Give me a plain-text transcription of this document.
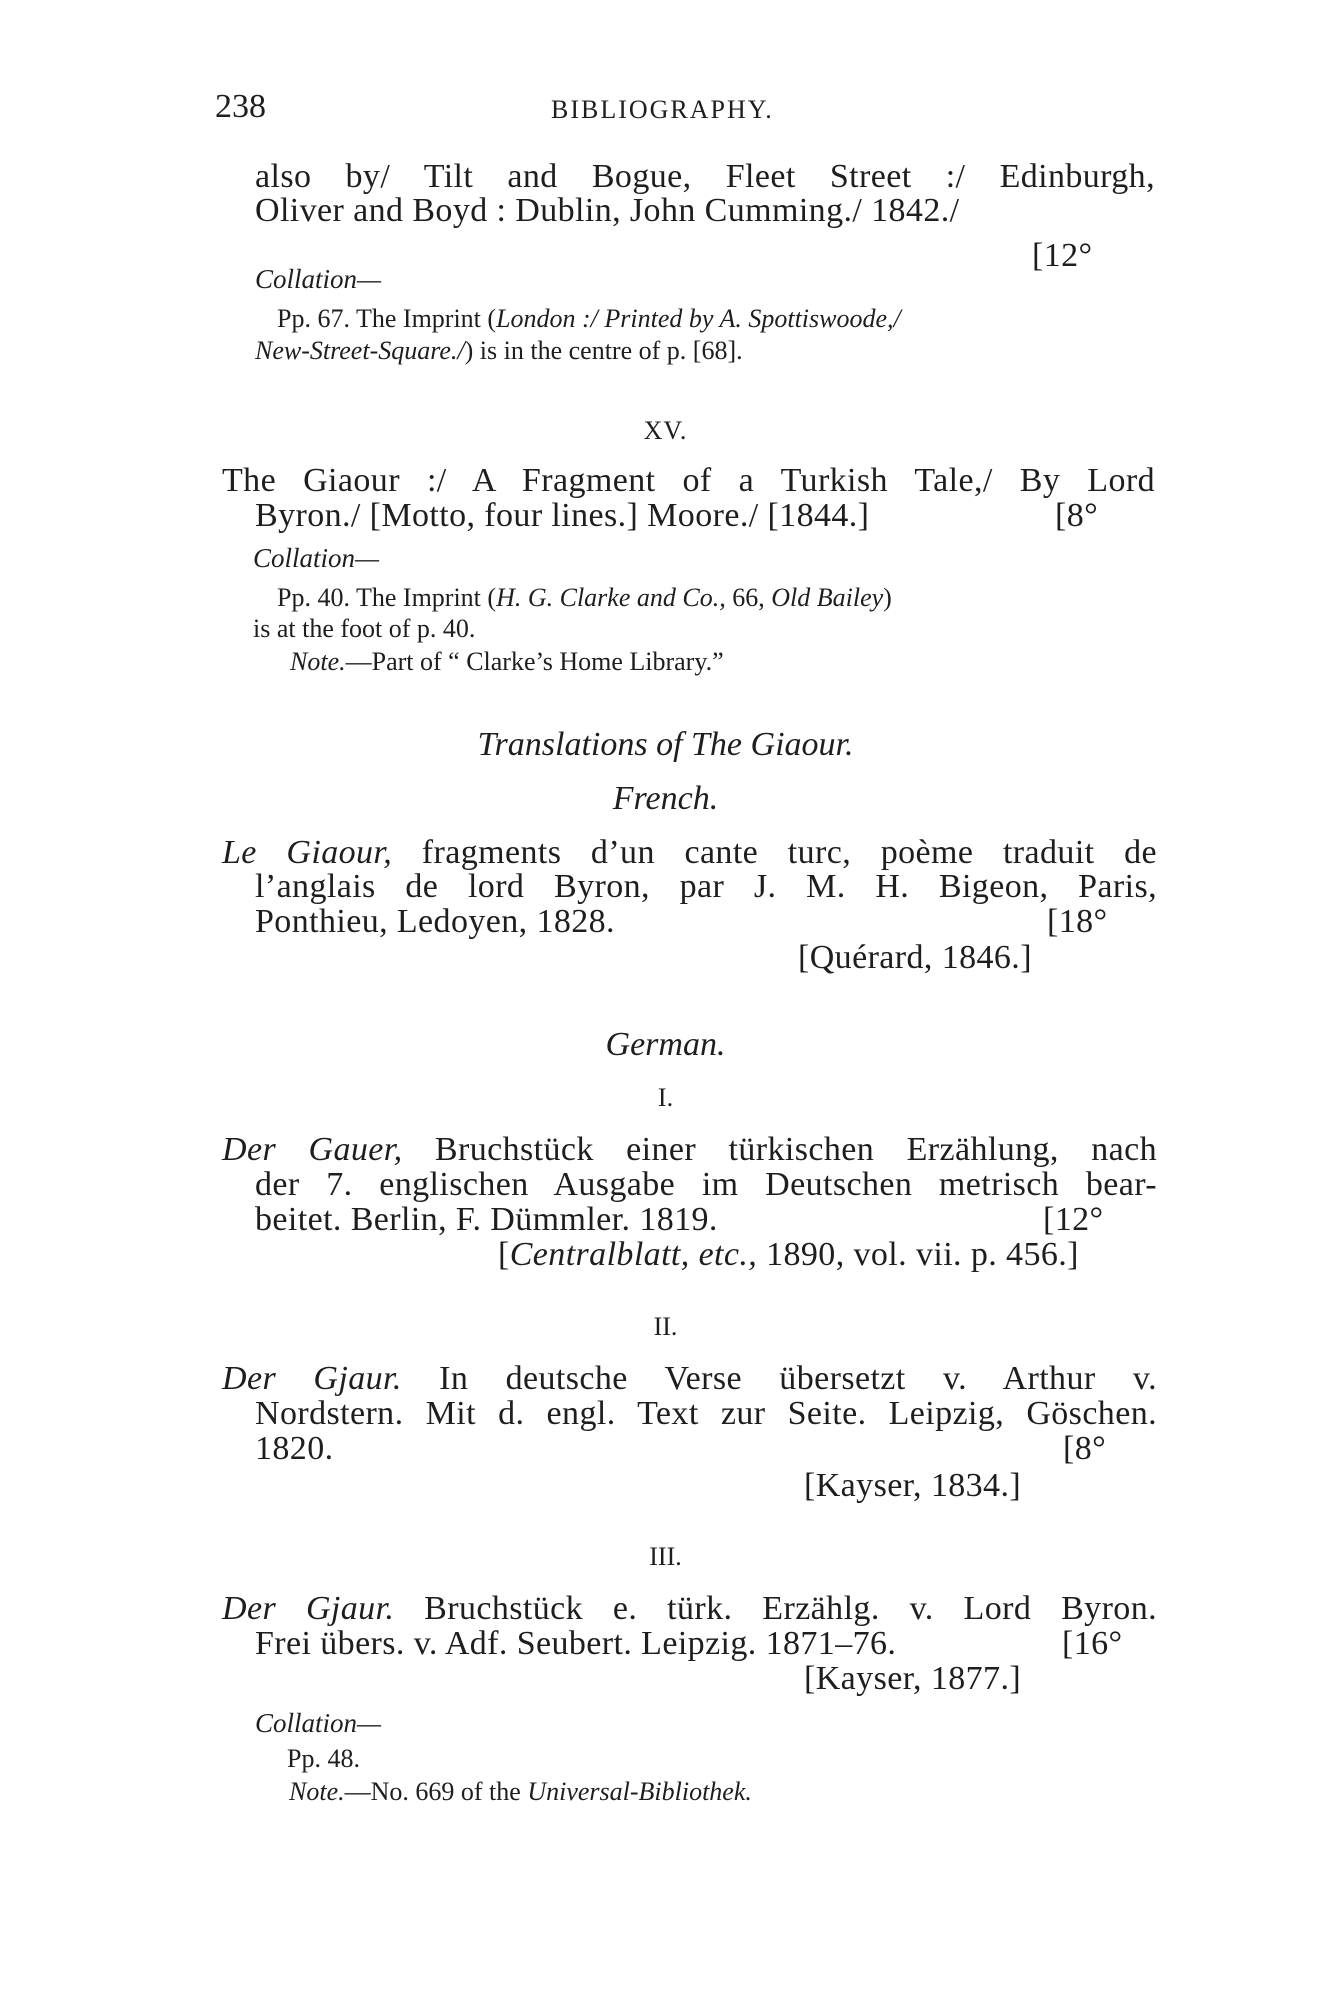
238	BIBLIOGRAPHY.
also by/ Tilt and Bogue, Fleet Street :/ Edinburgh,
Oliver and Boyd : Dublin, John Cumming./ 1842./
[12°
Collation—
Pp. 67. The Imprint (London :/ Printed by A. Spottiswoode,/
New-Street-Square./) is in the centre of p. [68].
XV.
The Giaour :/ A Fragment of a Turkish Tale,/ By Lord
Byron./ [Motto, four lines.] Moore./ [1844.]	[8°
Collation—
Pp. 40. The Imprint (H. G. Clarke and Co., 66, Old Bailey)
is at the foot of p. 40.
Note.—Part of “ Clarke’s Home Library.”
Translations of The Giaour.
French.
Le Giaour, fragments d’un cante turc, poème traduit de
l’anglais de lord Byron, par J. M. H. Bigeon, Paris,
Ponthieu, Ledoyen, 1828.	[18°
[Quérard, 1846.]
German.
I.
Der Gauer, Bruchstück einer türkischen Erzählung, nach
der 7. englischen Ausgabe im Deutschen metrisch bear-
beitet. Berlin, F. Dümmler. 1819.	[12°
[Centralblatt, etc., 1890, vol. vii. p. 456.]
II.
Der Gjaur. In deutsche Verse übersetzt v. Arthur v.
Nordstern. Mit d. engl. Text zur Seite. Leipzig, Göschen.
1820.	[8°
[Kayser, 1834.]
III.
Der Gjaur. Bruchstück e. türk. Erzählg. v. Lord Byron.
Frei übers. v. Adf. Seubert. Leipzig. 1871–76.	[16°
[Kayser, 1877.]
Collation—
Pp. 48.
Note.—No. 669 of the Universal-Bibliothek.
